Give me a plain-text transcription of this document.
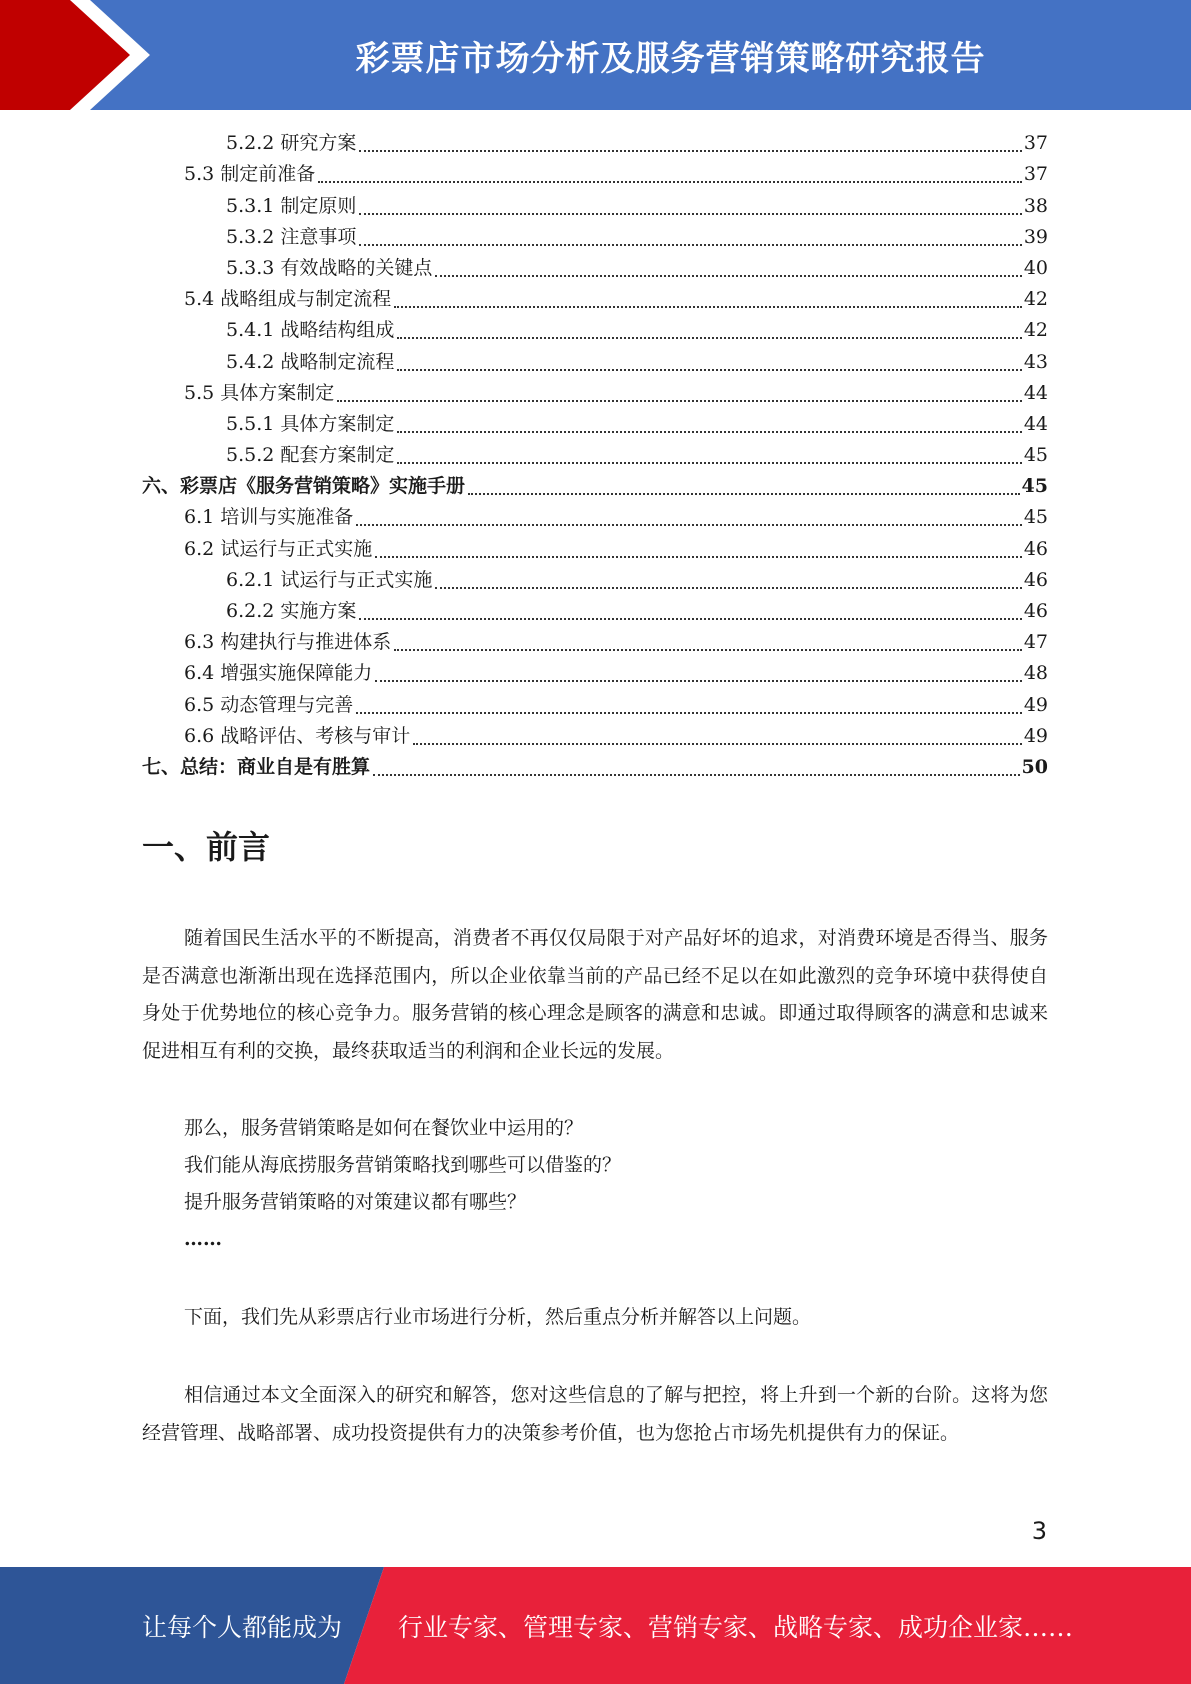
彩票店市场分析及服务营销策略研究报告
5.2.2 研究方案	37
5.3 制定前准备	37
5.3.1 制定原则	38
5.3.2 注意事项	39
5.3.3 有效战略的关键点	40
5.4 战略组成与制定流程	42
5.4.1 战略结构组成	42
5.4.2 战略制定流程	43
5.5 具体方案制定	44
5.5.1 具体方案制定	44
5.5.2 配套方案制定	45
六、彩票店《服务营销策略》实施手册	45
6.1 培训与实施准备	45
6.2 试运行与正式实施	46
6.2.1 试运行与正式实施	46
6.2.2 实施方案	46
6.3 构建执行与推进体系	47
6.4 增强实施保障能力	48
6.5 动态管理与完善	49
6.6 战略评估、考核与审计	49
七、总结：商业自是有胜算	50
一、前言
随着国民生活水平的不断提高，消费者不再仅仅局限于对产品好坏的追求，对消费环境是否得当、服务是否满意也渐渐出现在选择范围内，所以企业依靠当前的产品已经不足以在如此激烈的竞争环境中获得使自身处于优势地位的核心竞争力。服务营销的核心理念是顾客的满意和忠诚。即通过取得顾客的满意和忠诚来促进相互有利的交换，最终获取适当的利润和企业长远的发展。
那么，服务营销策略是如何在餐饮业中运用的？
我们能从海底捞服务营销策略找到哪些可以借鉴的？
提升服务营销策略的对策建议都有哪些？
……
下面，我们先从彩票店行业市场进行分析，然后重点分析并解答以上问题。
相信通过本文全面深入的研究和解答，您对这些信息的了解与把控，将上升到一个新的台阶。这将为您经营管理、战略部署、成功投资提供有力的决策参考价值，也为您抢占市场先机提供有力的保证。
3
让每个人都能成为 行业专家、管理专家、营销专家、战略专家、成功企业家……
